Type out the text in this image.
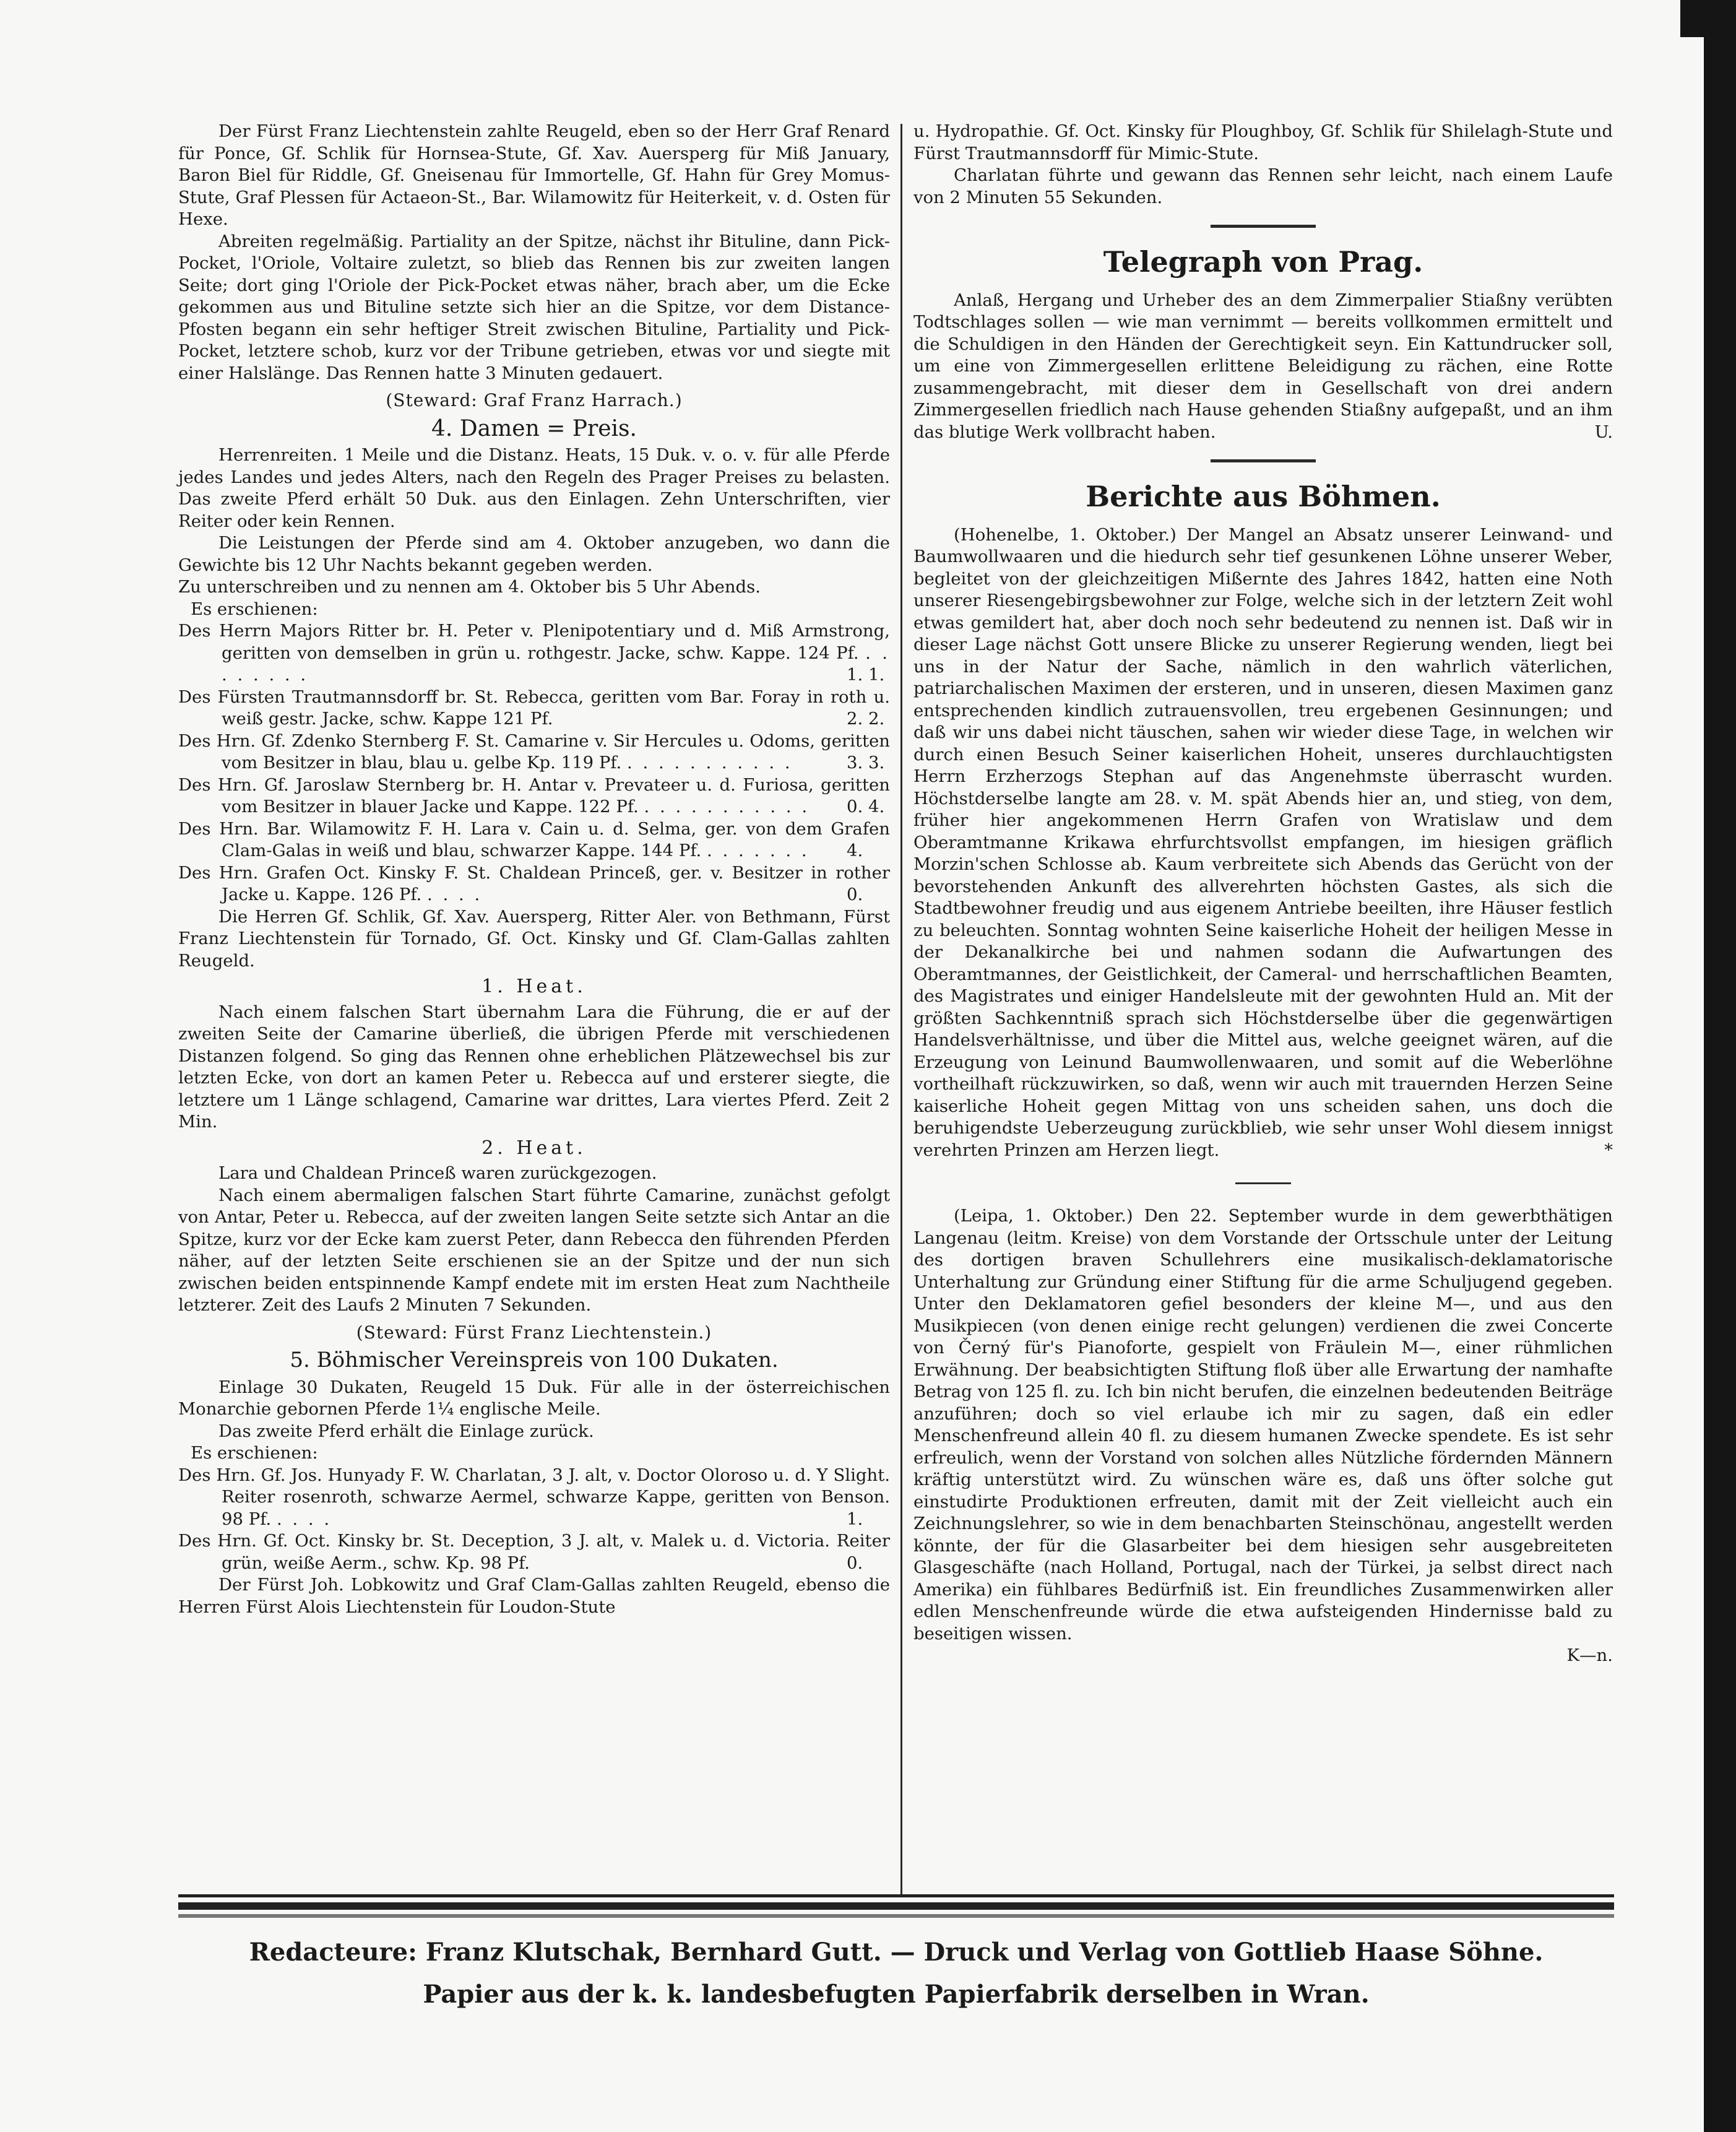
Der Fürst Franz Liechtenstein zahlte Reugeld, eben so der Herr Graf Renard für Ponce, Gf. Schlik für Hornsea-Stute, Gf. Xav. Auersperg für Miß January, Baron Biel für Riddle, Gf. Gneisenau für Immortelle, Gf. Hahn für Grey Momus-Stute, Graf Plessen für Actaeon-St., Bar. Wilamowitz für Heiterkeit, v. d. Osten für Hexe.

Abreiten regelmäßig. Partiality an der Spitze, nächst ihr Bituline, dann Pick-Pocket, l'Oriole, Voltaire zuletzt, so blieb das Rennen bis zur zweiten langen Seite; dort ging l'Oriole der Pick-Pocket etwas näher, brach aber, um die Ecke gekommen aus und Bituline setzte sich hier an die Spitze, vor dem Distance-Pfosten begann ein sehr heftiger Streit zwischen Bituline, Partiality und Pick-Pocket, letztere schob, kurz vor der Tribune getrieben, etwas vor und siegte mit einer Halslänge. Das Rennen hatte 3 Minuten gedauert.

(Steward: Graf Franz Harrach.)
4. Damen = Preis.

Herrenreiten. 1 Meile und die Distanz. Heats, 15 Duk. v. o. v. für alle Pferde jedes Landes und jedes Alters, nach den Regeln des Prager Preises zu belasten. Das zweite Pferd erhält 50 Duk. aus den Einlagen. Zehn Unterschriften, vier Reiter oder kein Rennen.

Die Leistungen der Pferde sind am 4. Oktober anzugeben, wo dann die Gewichte bis 12 Uhr Nachts bekannt gegeben werden.

Zu unterschreiben und zu nennen am 4. Oktober bis 5 Uhr Abends.

Es erschienen:

Des Herrn Majors Ritter br. H. Peter v. Plenipotentiary und d. Miß Armstrong, geritten von demselben in grün u. rothgestr. Jacke, schw. Kappe. 124 Pf. . . . . . . . .	1. 1.
Des Fürsten Trautmannsdorff br. St. Rebecca, geritten vom Bar. Foray in roth u. weiß gestr. Jacke, schw. Kappe 121 Pf.	2. 2.
Des Hrn. Gf. Zdenko Sternberg F. St. Camarine v. Sir Hercules u. Odoms, geritten vom Besitzer in blau, blau u. gelbe Kp. 119 Pf. . . . . . . . . . . .	3. 3.
Des Hrn. Gf. Jaroslaw Sternberg br. H. Antar v. Prevateer u. d. Furiosa, geritten vom Besitzer in blauer Jacke und Kappe. 122 Pf. . . . . . . . . . . . 0. 4.
Des Hrn. Bar. Wilamowitz F. H. Lara v. Cain u. d. Selma, ger. von dem Grafen Clam-Galas in weiß und blau, schwarzer Kappe. 144 Pf. . . . . . . . 4.
Des Hrn. Grafen Oct. Kinsky F. St. Chaldean Princeß, ger. v. Besitzer in rother Jacke u. Kappe. 126 Pf. . . . .	0.

Die Herren Gf. Schlik, Gf. Xav. Auersperg, Ritter Aler. von Bethmann, Fürst Franz Liechtenstein für Tornado, Gf. Oct. Kinsky und Gf. Clam-Gallas zahlten Reugeld.

1. Heat.

Nach einem falschen Start übernahm Lara die Führung, die er auf der zweiten Seite der Camarine überließ, die übrigen Pferde mit verschiedenen Distanzen folgend. So ging das Rennen ohne erheblichen Plätzewechsel bis zur letzten Ecke, von dort an kamen Peter u. Rebecca auf und ersterer siegte, die letztere um 1 Länge schlagend, Camarine war drittes, Lara viertes Pferd. Zeit 2 Min.

2. Heat.

Lara und Chaldean Princeß waren zurückgezogen.

Nach einem abermaligen falschen Start führte Camarine, zunächst gefolgt von Antar, Peter u. Rebecca, auf der zweiten langen Seite setzte sich Antar an die Spitze, kurz vor der Ecke kam zuerst Peter, dann Rebecca den führenden Pferden näher, auf der letzten Seite erschienen sie an der Spitze und der nun sich zwischen beiden entspinnende Kampf endete mit im ersten Heat zum Nachtheile letzterer. Zeit des Laufs 2 Minuten 7 Sekunden.

(Steward: Fürst Franz Liechtenstein.)
5. Böhmischer Vereinspreis von 100 Dukaten.

Einlage 30 Dukaten, Reugeld 15 Duk. Für alle in der österreichischen Monarchie gebornen Pferde 1¼ englische Meile.

Das zweite Pferd erhält die Einlage zurück.

Es erschienen:

Des Hrn. Gf. Jos. Hunyady F. W. Charlatan, 3 J. alt, v. Doctor Oloroso u. d. Y Slight. Reiter rosenroth, schwarze Aermel, schwarze Kappe, geritten von Benson. 98 Pf. . . . .	1.
Des Hrn. Gf. Oct. Kinsky br. St. Deception, 3 J. alt, v. Malek u. d. Victoria. Reiter grün, weiße Aerm., schw. Kp. 98 Pf.	0.

Der Fürst Joh. Lobkowitz und Graf Clam-Gallas zahlten Reugeld, ebenso die Herren Fürst Alois Liechtenstein für Loudon-Stute

u. Hydropathie. Gf. Oct. Kinsky für Ploughboy, Gf. Schlik für Shilelagh-Stute und Fürst Trautmannsdorff für Mimic-Stute.

Charlatan führte und gewann das Rennen sehr leicht, nach einem Laufe von 2 Minuten 55 Sekunden.

Telegraph von Prag.

Anlaß, Hergang und Urheber des an dem Zimmerpalier Stiaßny verübten Todtschlages sollen — wie man vernimmt — bereits vollkommen ermittelt und die Schuldigen in den Händen der Gerechtigkeit seyn. Ein Kattundrucker soll, um eine von Zimmergesellen erlittene Beleidigung zu rächen, eine Rotte zusammengebracht, mit dieser dem in Gesellschaft von drei andern Zimmergesellen friedlich nach Hause gehenden Stiaßny aufgepaßt, und an ihm das blutige Werk vollbracht haben.	U.

Berichte aus Böhmen.

(Hohenelbe, 1. Oktober.) Der Mangel an Absatz unserer Leinwand- und Baumwollwaaren und die hiedurch sehr tief gesunkenen Löhne unserer Weber, begleitet von der gleichzeitigen Mißernte des Jahres 1842, hatten eine Noth unserer Riesengebirgsbewohner zur Folge, welche sich in der letztern Zeit wohl etwas gemildert hat, aber doch noch sehr bedeutend zu nennen ist. Daß wir in dieser Lage nächst Gott unsere Blicke zu unserer Regierung wenden, liegt bei uns in der Natur der Sache, nämlich in den wahrlich väterlichen, patriarchalischen Maximen der ersteren, und in unseren, diesen Maximen ganz entsprechenden kindlich zutrauensvollen, treu ergebenen Gesinnungen; und daß wir uns dabei nicht täuschen, sahen wir wieder diese Tage, in welchen wir durch einen Besuch Seiner kaiserlichen Hoheit, unseres durchlauchtigsten Herrn Erzherzogs Stephan auf das Angenehmste überrascht wurden. Höchstderselbe langte am 28. v. M. spät Abends hier an, und stieg, von dem, früher hier angekommenen Herrn Grafen von Wratislaw und dem Oberamtmanne Krikawa ehrfurchtsvollst empfangen, im hiesigen gräflich Morzin'schen Schlosse ab. Kaum verbreitete sich Abends das Gerücht von der bevorstehenden Ankunft des allverehrten höchsten Gastes, als sich die Stadtbewohner freudig und aus eigenem Antriebe beeilten, ihre Häuser festlich zu beleuchten. Sonntag wohnten Seine kaiserliche Hoheit der heiligen Messe in der Dekanalkirche bei und nahmen sodann die Aufwartungen des Oberamtmannes, der Geistlichkeit, der Cameral- und herrschaftlichen Beamten, des Magistrates und einiger Handelsleute mit der gewohnten Huld an. Mit der größten Sachkenntniß sprach sich Höchstderselbe über die gegenwärtigen Handelsverhältnisse, und über die Mittel aus, welche geeignet wären, auf die Erzeugung von Leinund Baumwollenwaaren, und somit auf die Weberlöhne vortheilhaft rückzuwirken, so daß, wenn wir auch mit trauernden Herzen Seine kaiserliche Hoheit gegen Mittag von uns scheiden sahen, uns doch die beruhigendste Ueberzeugung zurückblieb, wie sehr unser Wohl diesem innigst verehrten Prinzen am Herzen liegt.	*

(Leipa, 1. Oktober.) Den 22. September wurde in dem gewerbthätigen Langenau (leitm. Kreise) von dem Vorstande der Ortsschule unter der Leitung des dortigen braven Schullehrers eine musikalisch-deklamatorische Unterhaltung zur Gründung einer Stiftung für die arme Schuljugend gegeben. Unter den Deklamatoren gefiel besonders der kleine M—, und aus den Musikpiecen (von denen einige recht gelungen) verdienen die zwei Concerte von Černý für's Pianoforte, gespielt von Fräulein M—, einer rühmlichen Erwähnung. Der beabsichtigten Stiftung floß über alle Erwartung der namhafte Betrag von 125 fl. zu. Ich bin nicht berufen, die einzelnen bedeutenden Beiträge anzuführen; doch so viel erlaube ich mir zu sagen, daß ein edler Menschenfreund allein 40 fl. zu diesem humanen Zwecke spendete. Es ist sehr erfreulich, wenn der Vorstand von solchen alles Nützliche fördernden Männern kräftig unterstützt wird. Zu wünschen wäre es, daß uns öfter solche gut einstudirte Produktionen erfreuten, damit mit der Zeit vielleicht auch ein Zeichnungslehrer, so wie in dem benachbarten Steinschönau, angestellt werden könnte, der für die Glasarbeiter bei dem hiesigen sehr ausgebreiteten Glasgeschäfte (nach Holland, Portugal, nach der Türkei, ja selbst direct nach Amerika) ein fühlbares Bedürfniß ist. Ein freundliches Zusammenwirken aller edlen Menschenfreunde würde die etwa aufsteigenden Hindernisse bald zu beseitigen wissen.

K—n.
Redacteure: Franz Klutschak, Bernhard Gutt. — Druck und Verlag von Gottlieb Haase Söhne.
Papier aus der k. k. landesbefugten Papierfabrik derselben in Wran.
